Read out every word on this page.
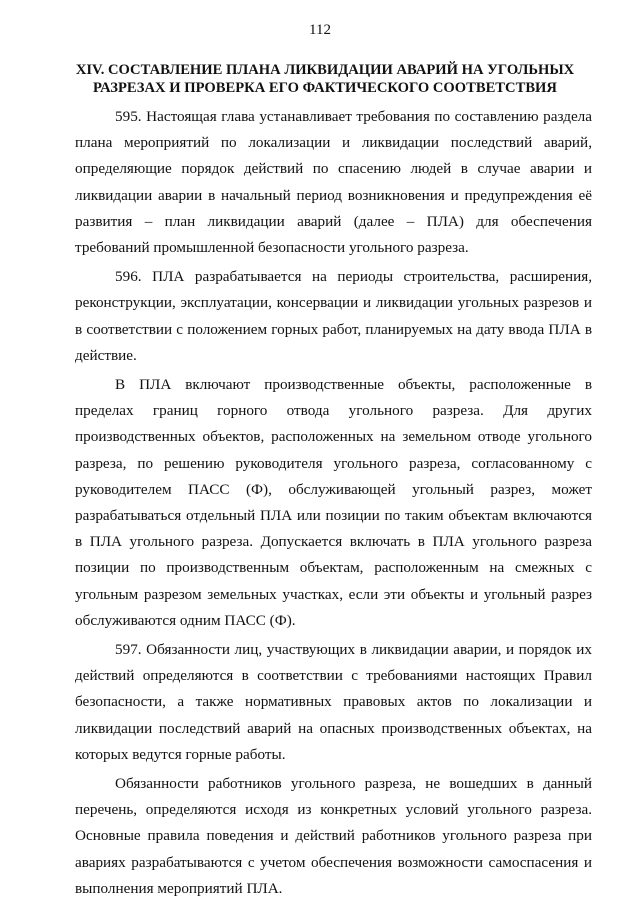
112
XIV. СОСТАВЛЕНИЕ ПЛАНА ЛИКВИДАЦИИ АВАРИЙ НА УГОЛЬНЫХ
РАЗРЕЗАХ И ПРОВЕРКА ЕГО ФАКТИЧЕСКОГО СООТВЕТСТВИЯ

595. Настоящая глава устанавливает требования по составлению раздела плана мероприятий по локализации и ликвидации последствий аварий, определяющие порядок действий по спасению людей в случае аварии и ликвидации аварии в начальный период возникновения и предупреждения её развития – план ликвидации аварий (далее – ПЛА) для обеспечения требований промышленной безопасности угольного разреза.

596. ПЛА разрабатывается на периоды строительства, расширения, реконструкции, эксплуатации, консервации и ликвидации угольных разрезов и в соответствии с положением горных работ, планируемых на дату ввода ПЛА в действие.

В ПЛА включают производственные объекты, расположенные в пределах границ горного отвода угольного разреза. Для других производственных объектов, расположенных на земельном отводе угольного разреза, по решению руководителя угольного разреза, согласованному с руководителем ПАСС (Ф), обслуживающей угольный разрез, может разрабатываться отдельный ПЛА или позиции по таким объектам включаются в ПЛА угольного разреза. Допускается включать в ПЛА угольного разреза позиции по производственным объектам, расположенным на смежных с угольным разрезом земельных участках, если эти объекты и угольный разрез обслуживаются одним ПАСС (Ф).

597. Обязанности лиц, участвующих в ликвидации аварии, и порядок их действий определяются в соответствии с требованиями настоящих Правил безопасности, а также нормативных правовых актов по локализации и ликвидации последствий аварий на опасных производственных объектах, на которых ведутся горные работы.

Обязанности работников угольного разреза, не вошедших в данный перечень, определяются исходя из конкретных условий угольного разреза. Основные правила поведения и действий работников угольного разреза при авариях разрабатываются с учетом обеспечения возможности самоспасения и выполнения мероприятий ПЛА.
